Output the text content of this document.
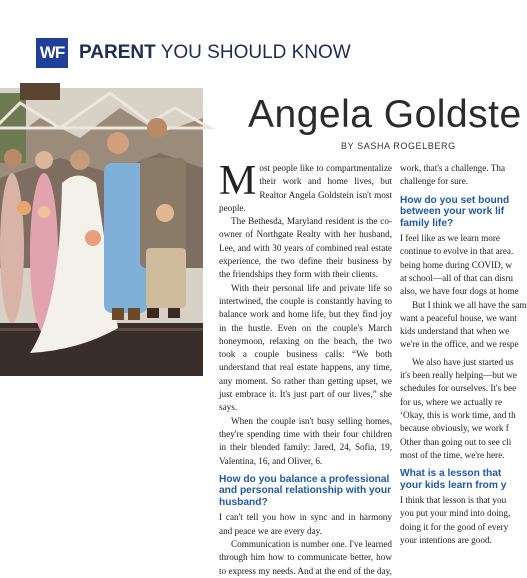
WF PARENT YOU SHOULD KNOW
Angela Goldste
BY SASHA ROGELBERG

Most people like to compartmentalize their work and home lives, but Realtor Angela Goldstein isn't most people.

The Bethesda, Maryland resident is the co-owner of Northgate Realty with her husband, Lee, and with 30 years of combined real estate experience, the two define their business by the friendships they form with their clients.

With their personal life and private life so intertwined, the couple is constantly having to balance work and home life, but they find joy in the hustle. Even on the couple's March honeymoon, relaxing on the beach, the two took a couple business calls: “We both understand that real estate happens, any time, any moment. So rather than getting upset, we just embrace it. It's just part of our lives,” she says.

When the couple isn't busy selling homes, they're spending time with their four children in their blended family: Jared, 24, Sofia, 19, Valentina, 16, and Oliver, 6.

How do you balance a professional and personal relationship with your husband?

I can't tell you how in sync and in harmony and peace we are every day.

Communication is number one. I've learned through him how to communicate better, how to express my needs. And at the end of the day,

work, that's a challenge. Tha
challenge for sure.
How do you set bound
between your work lif
family life?
I feel like as we learn more
continue to evolve in that area.
being home during COVID, w
at school—all of that can disru
also, we have four dogs at home
But I think we all have the sam
want a peaceful house, we want
kids understand that when we
we're in the office, and we respe
We also have just started us
it's been really helping—but we
schedules for ourselves. It's bee
for us, where we actually re
‘Okay, this is work time, and th
because obviously, we work f
Other than going out to see cli
most of the time, we're here.
What is a lesson that
your kids learn from y
I think that lesson is that you
you put your mind into doing,
doing it for the good of every
your intentions are good.
